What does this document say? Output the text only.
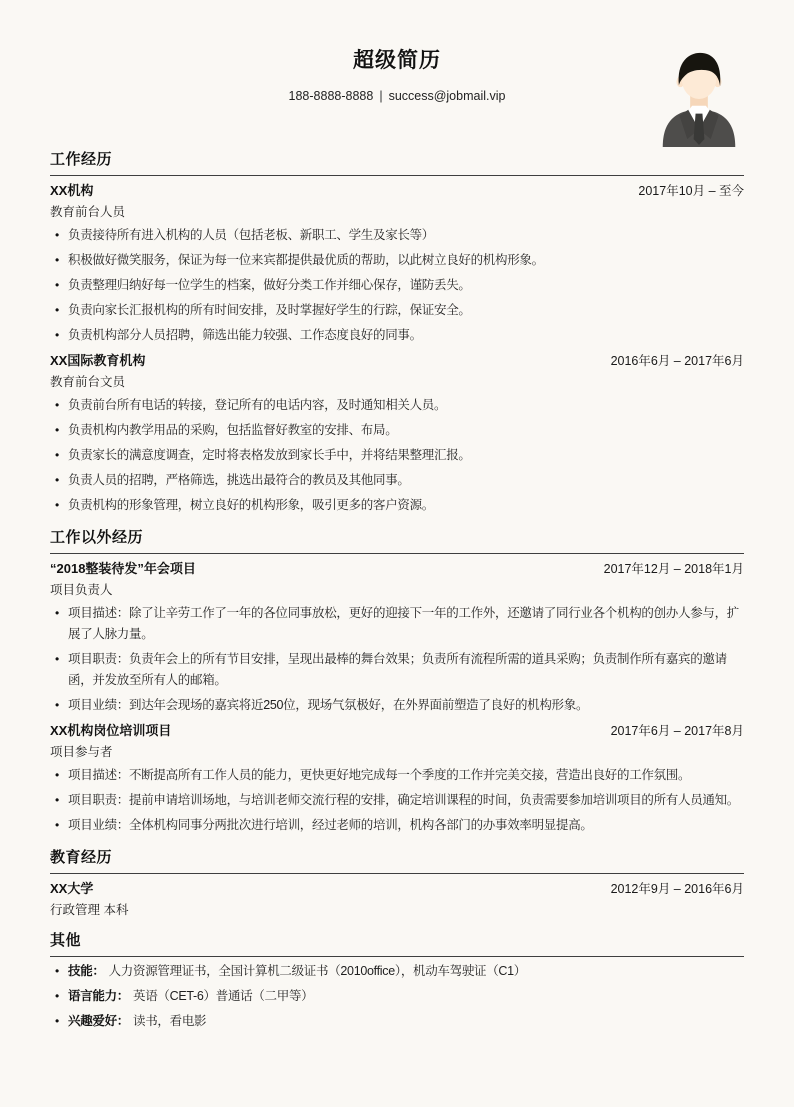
超级简历
188-8888-8888 | success@jobmail.vip
工作经历
XX机构	2017年10月 – 至今
教育前台人员
• 负责接待所有进入机构的人员（包括老板、新职工、学生及家长等）
• 积极做好微笑服务，保证为每一位来宾都提供最优质的帮助，以此树立良好的机构形象。
• 负责整理归纳好每一位学生的档案，做好分类工作并细心保存，谨防丢失。
• 负责向家长汇报机构的所有时间安排，及时掌握好学生的行踪，保证安全。
• 负责机构部分人员招聘，筛选出能力较强、工作态度良好的同事。
XX国际教育机构	2016年6月 – 2017年6月
教育前台文员
• 负责前台所有电话的转接，登记所有的电话内容，及时通知相关人员。
• 负责机构内教学用品的采购，包括监督好教室的安排、布局。
• 负责家长的满意度调查，定时将表格发放到家长手中，并将结果整理汇报。
• 负责人员的招聘，严格筛选，挑选出最符合的教员及其他同事。
• 负责机构的形象管理，树立良好的机构形象，吸引更多的客户资源。
工作以外经历
“2018整装待发”年会项目	2017年12月 – 2018年1月
项目负责人
• 项目描述：除了让辛劳工作了一年的各位同事放松，更好的迎接下一年的工作外，还邀请了同行业各个机构的创办人参与，扩展了人脉力量。
• 项目职责：负责年会上的所有节目安排，呈现出最棒的舞台效果；负责所有流程所需的道具采购；负责制作所有嘉宾的邀请函，并发放至所有人的邮箱。
• 项目业绩：到达年会现场的嘉宾将近250位，现场气氛极好，在外界面前塑造了良好的机构形象。
XX机构岗位培训项目	2017年6月 – 2017年8月
项目参与者
• 项目描述：不断提高所有工作人员的能力，更快更好地完成每一个季度的工作并完美交接，营造出良好的工作氛围。
• 项目职责：提前申请培训场地，与培训老师交流行程的安排，确定培训课程的时间，负责需要参加培训项目的所有人员通知。
• 项目业绩：全体机构同事分两批次进行培训，经过老师的培训，机构各部门的办事效率明显提高。
教育经历
XX大学	2012年9月 – 2016年6月
行政管理 本科
其他
• 技能： 人力资源管理证书，全国计算机二级证书（2010office），机动车驾驶证（C1）
• 语言能力： 英语（CET-6）普通话（二甲等）
• 兴趣爱好： 读书，看电影
